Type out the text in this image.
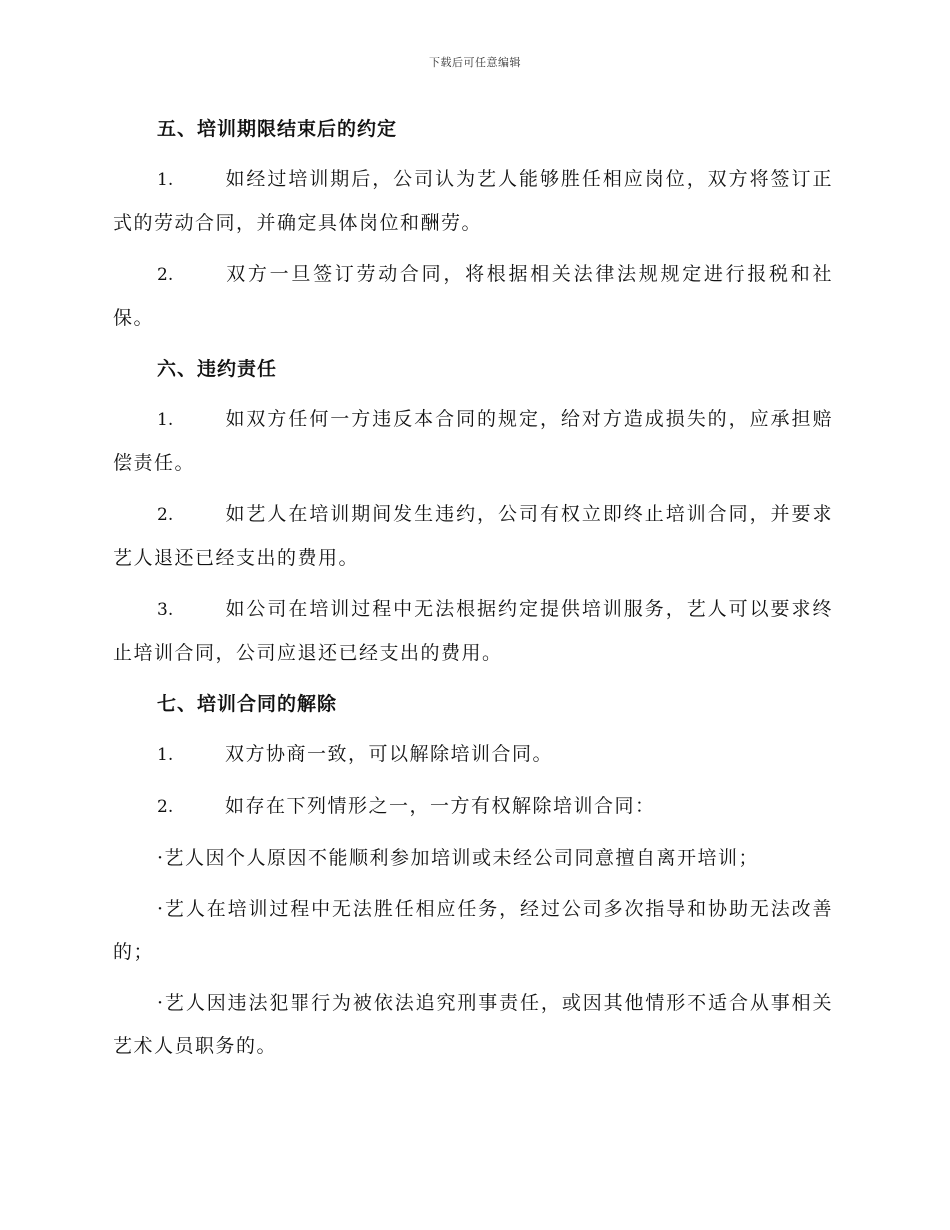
下载后可任意编辑
五、培训期限结束后的约定

1.	如经过培训期后，公司认为艺人能够胜任相应岗位，双方将签订正式的劳动合同，并确定具体岗位和酬劳。

2.	双方一旦签订劳动合同，将根据相关法律法规规定进行报税和社保。

六、违约责任

1.	如双方任何一方违反本合同的规定，给对方造成损失的，应承担赔偿责任。

2.	如艺人在培训期间发生违约，公司有权立即终止培训合同，并要求艺人退还已经支出的费用。

3.	如公司在培训过程中无法根据约定提供培训服务，艺人可以要求终止培训合同，公司应退还已经支出的费用。

七、培训合同的解除

1.	双方协商一致，可以解除培训合同。

2.	如存在下列情形之一，一方有权解除培训合同：

·艺人因个人原因不能顺利参加培训或未经公司同意擅自离开培训；

·艺人在培训过程中无法胜任相应任务，经过公司多次指导和协助无法改善的；

·艺人因违法犯罪行为被依法追究刑事责任，或因其他情形不适合从事相关艺术人员职务的。
